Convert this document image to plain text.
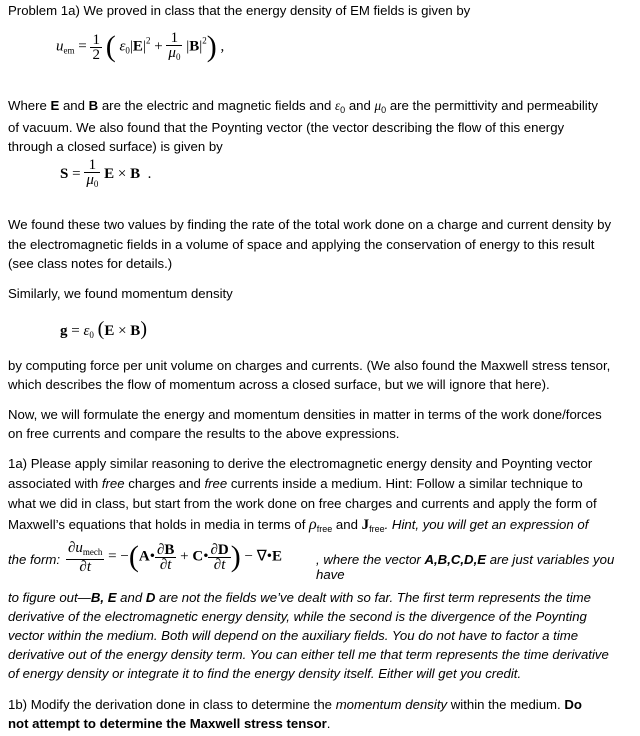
Problem 1a) We proved in class that the energy density of EM fields is given by

$u_{em} = \frac{1}{2}$ ( $\varepsilon_0|E|^2 + \frac{1}{\mu_0} |B|^2$) ,

Where E and B are the electric and magnetic fields and $\varepsilon_0$ and $\mu_0$ are the permittivity and permeability

of vacuum. We also found that the Poynting vector (the vector describing the flow of this energy

through a closed surface) is given by

$S = \frac{1}{\mu_0}$ E × B  .

We found these two values by finding the rate of the total work done on a charge and current density by

the electromagnetic fields in a volume of space and applying the conservation of energy to this result

(see class notes for details.)

Similarly, we found momentum density

$g = \varepsilon_0$ (E × B)

by computing force per unit volume on charges and currents. (We also found the Maxwell stress tensor,

which describes the flow of momentum across a closed surface, but we will ignore that here).

Now, we will formulate the energy and momentum densities in matter in terms of the work done/forces

on free currents and compare the results to the above expressions.

1a) Please apply similar reasoning to derive the electromagnetic energy density and Poynting vector

associated with free charges and free currents inside a medium. Hint: Follow a similar technique to

what we did in class, but start from the work done on free charges and currents and apply the form of

Maxwell’s equations that holds in media in terms of $\rho_{free}$ and $J_{free}$. Hint, you will get an expression of

the form: $\frac{\partial u_{mech}}{\partial t}$ = −(A• $\frac{\partial B}{\partial t}$ + C• $\frac{\partial D}{\partial t}$ ) − ∇•E	, where the vector A,B,C,D,E are just variables you have

to figure out—B, E and D are not the fields we’ve dealt with so far. The first term represents the time

derivative of the electromagnetic energy density, while the second is the divergence of the Poynting

vector within the medium. Both will depend on the auxiliary fields. You do not have to factor a time

derivative out of the energy density term. You can either tell me that term represents the time derivative

of energy density or integrate it to find the energy density itself. Either will get you credit.

1b) Modify the derivation done in class to determine the momentum density within the medium. Do

not attempt to determine the Maxwell stress tensor.
